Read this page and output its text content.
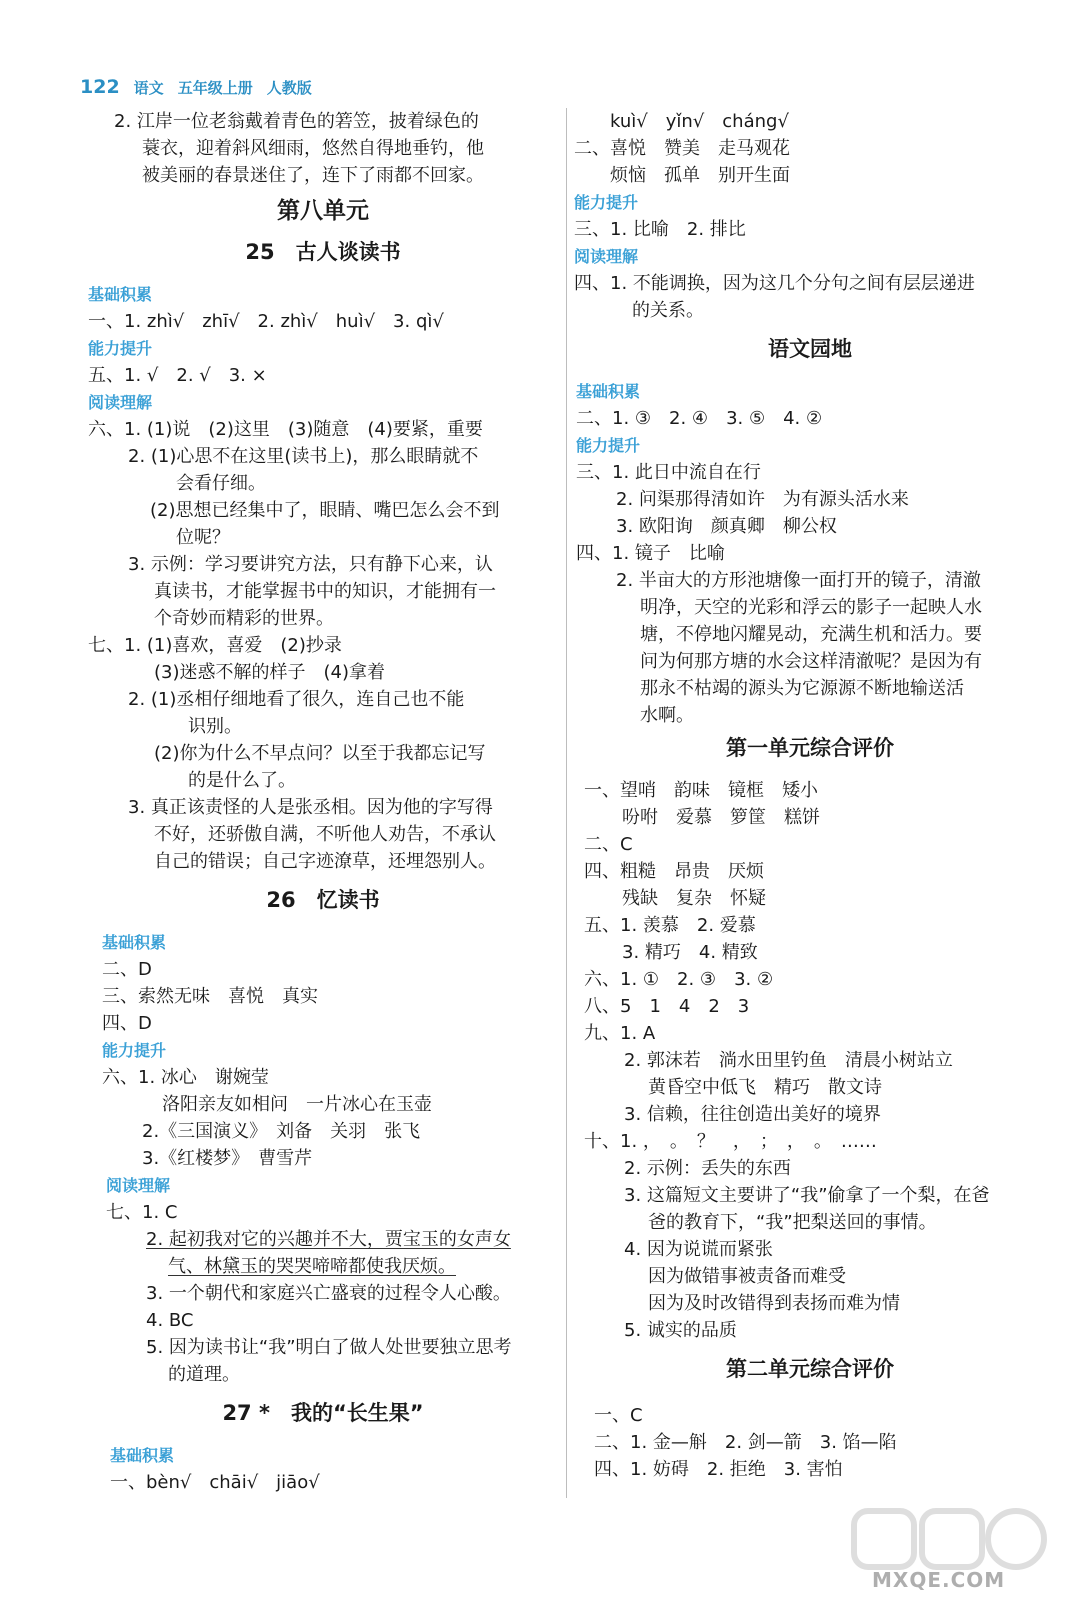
122 语文 五年级上册 人教版
2. 江岸一位老翁戴着青色的箬笠，披着绿色的
蓑衣，迎着斜风细雨，悠然自得地垂钓，他
被美丽的春景迷住了，连下了雨都不回家。
第八单元
25　古人谈读书
基础积累
一、1. zhì√　zhī√　2. zhì√　huì√　3. qì√
能力提升
五、1. √　2. √　3. ×
阅读理解
六、1. (1)说　(2)这里　(3)随意　(4)要紧，重要
2. (1)心思不在这里(读书上)，那么眼睛就不
会看仔细。
(2)思想已经集中了，眼睛、嘴巴怎么会不到
位呢？
3. 示例：学习要讲究方法，只有静下心来，认
真读书，才能掌握书中的知识，才能拥有一
个奇妙而精彩的世界。
七、1. (1)喜欢，喜爱　(2)抄录
(3)迷惑不解的样子　(4)拿着
2. (1)丞相仔细地看了很久，连自己也不能
识别。
(2)你为什么不早点问？以至于我都忘记写
的是什么了。
3. 真正该责怪的人是张丞相。因为他的字写得
不好，还骄傲自满，不听他人劝告，不承认
自己的错误；自己字迹潦草，还埋怨别人。
26　忆读书
基础积累
二、D
三、索然无味　喜悦　真实
四、D
能力提升
六、1. 冰心　谢婉莹
洛阳亲友如相问　一片冰心在玉壶
2.《三国演义》　刘备　关羽　张飞
3.《红楼梦》　曹雪芹
阅读理解
七、1. C
2. 起初我对它的兴趣并不大，贾宝玉的女声女
气、林黛玉的哭哭啼啼都使我厌烦。
3. 一个朝代和家庭兴亡盛衰的过程令人心酸。
4. BC
5. 因为读书让“我”明白了做人处世要独立思考
的道理。
27 *　我的“长生果”
基础积累
一、bèn√　chāi√　jiāo√
kuì√　yǐn√　cháng√
二、喜悦　赞美　走马观花
烦恼　孤单　别开生面
能力提升
三、1. 比喻　2. 排比
阅读理解
四、1. 不能调换，因为这几个分句之间有层层递进
的关系。
语文园地
基础积累
二、1. ③　2. ④　3. ⑤　4. ②
能力提升
三、1. 此日中流自在行
2. 问渠那得清如许　为有源头活水来
3. 欧阳询　颜真卿　柳公权
四、1. 镜子　比喻
2. 半亩大的方形池塘像一面打开的镜子，清澈
明净，天空的光彩和浮云的影子一起映人水
塘，不停地闪耀晃动，充满生机和活力。要
问为何那方塘的水会这样清澈呢？是因为有
那永不枯竭的源头为它源源不断地输送活
水啊。
第一单元综合评价
一、望哨　韵味　镜框　矮小
吩咐　爱慕　箩筐　糕饼
二、C
四、粗糙　昂贵　厌烦
残缺　复杂　怀疑
五、1. 羡慕　2. 爱慕
3. 精巧　4. 精致
六、1. ①　2. ③　3. ②
八、5　1　4　2　3
九、1. A
2. 郭沫若　淌水田里钓鱼　清晨小树站立
黄昏空中低飞　精巧　散文诗
3. 信赖，往往创造出美好的境界
十、1. ，　。　？　，　；　，　。　……
2. 示例：丢失的东西
3. 这篇短文主要讲了“我”偷拿了一个梨，在爸
爸的教育下，“我”把梨送回的事情。
4. 因为说谎而紧张
因为做错事被责备而难受
因为及时改错得到表扬而难为情
5. 诚实的品质
第二单元综合评价
一、C
二、1. 金—斛　2. 剑—箭　3. 馅—陷
四、1. 妨碍　2. 拒绝　3. 害怕
MXQE.COM
